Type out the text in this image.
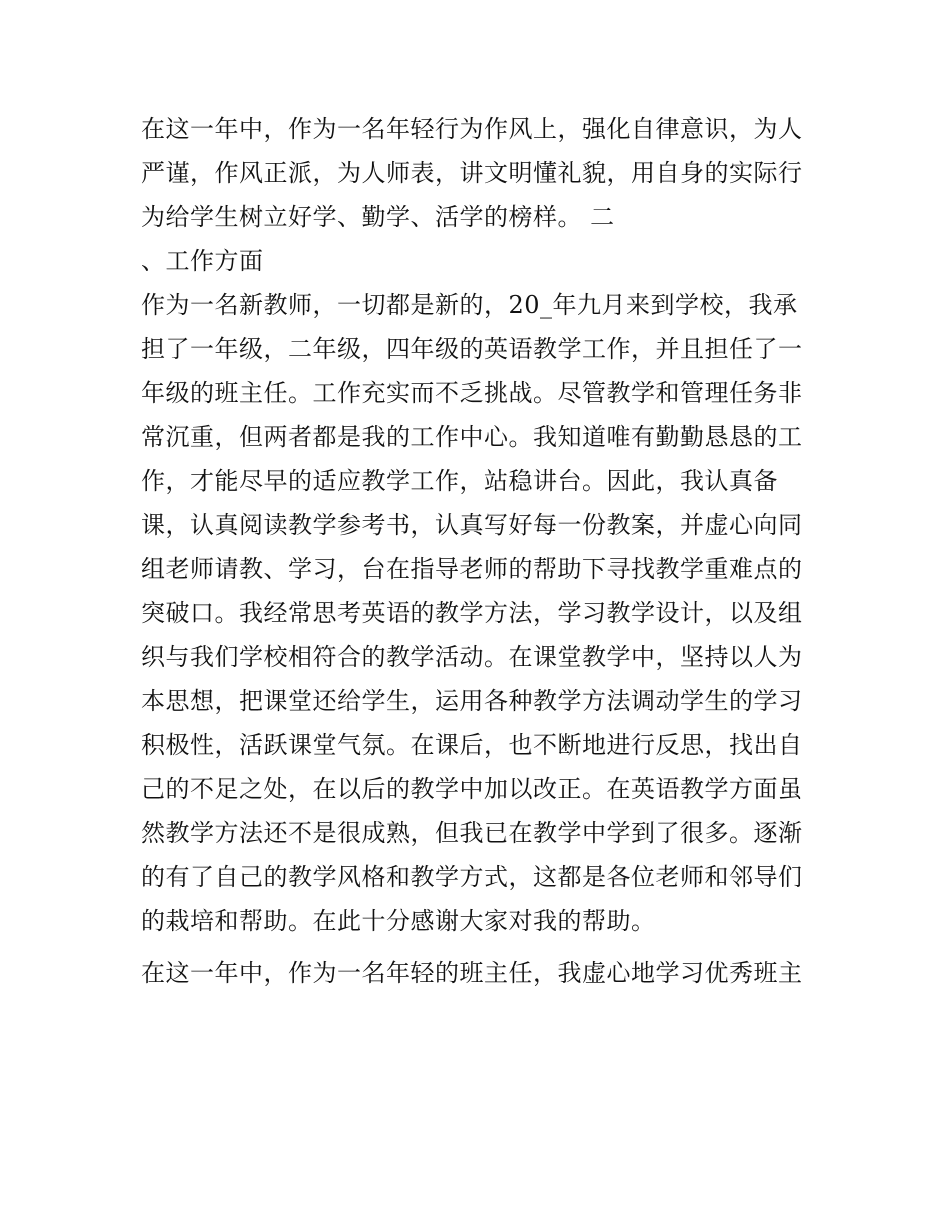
在这一年中，作为一名年轻行为作风上，强化自律意识，为人
严谨，作风正派，为人师表，讲文明懂礼貌，用自身的实际行
为给学生树立好学、勤学、活学的榜样。 二
、工作方面
作为一名新教师，一切都是新的，20_年九月来到学校，我承
担了一年级，二年级，四年级的英语教学工作，并且担任了一
年级的班主任。工作充实而不乏挑战。尽管教学和管理任务非
常沉重，但两者都是我的工作中心。我知道唯有勤勤恳恳的工
作，才能尽早的适应教学工作，站稳讲台。因此，我认真备
课，认真阅读教学参考书，认真写好每一份教案，并虚心向同
组老师请教、学习，台在指导老师的帮助下寻找教学重难点的
突破口。我经常思考英语的教学方法，学习教学设计，以及组
织与我们学校相符合的教学活动。在课堂教学中，坚持以人为
本思想，把课堂还给学生，运用各种教学方法调动学生的学习
积极性，活跃课堂气氛。在课后，也不断地进行反思，找出自
己的不足之处，在以后的教学中加以改正。在英语教学方面虽
然教学方法还不是很成熟，但我已在教学中学到了很多。逐渐
的有了自己的教学风格和教学方式，这都是各位老师和邻导们
的栽培和帮助。在此十分感谢大家对我的帮助。
在这一年中，作为一名年轻的班主任，我虚心地学习优秀班主
